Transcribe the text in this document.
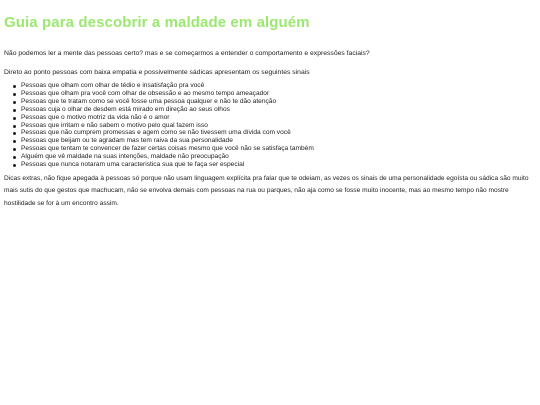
Guia para descobrir a maldade em alguém

Não podemos ler a mente das pessoas certo? mas e se começarmos a entender o comportamento e expressões faciais?

Direto ao ponto pessoas com baixa empatia e possivelmente sádicas apresentam os seguintes sinais

Pessoas que olham com olhar de tédio e insatisfação pra você
Pessoas que olham pra você com olhar de obsessão e ao mesmo tempo ameaçador
Pessoas que te tratam como se você fosse uma pessoa qualquer e não te dão atenção
Pessoas cuja o olhar de desdem está mirado em direção ao seus olhos
Pessoas que o motivo motriz da vida não é o amor
Pessoas que irritam e não sabem o motivo pelo qual fazem isso
Pessoas que não cumprem promessas e agem como se não tivessem uma dívida com você
Pessoas que beijam ou te agradam mas tem raiva da sua personalidade
Pessoas que tentam te convencer de fazer certas coisas mesmo que você não se satisfaça também
Alguém que vê maldade na suas intenções, maldade não preocupação
Pessoas que nunca notaram uma caracteristica sua que te faça ser especial

Dicas extras, não fique apegada à pessoas só porque não usam linguagem explícita pra falar que te odeiam, as vezes os sinais de uma personalidade egoísta ou sádica são muito mais sutis do que gestos que machucam, não se envolva demais com pessoas na rua ou parques, não aja como se fosse muito inocente, mas ao mesmo tempo não mostre hostilidade se for à um encontro assim.
